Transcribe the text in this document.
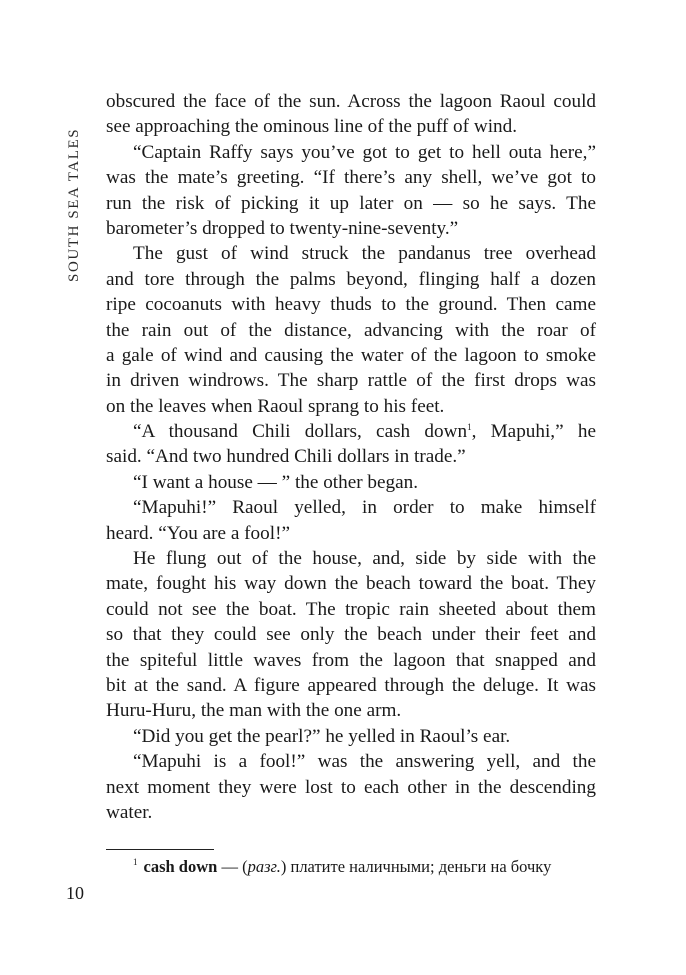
SOUTH SEA TALES
obscured the face of the sun. Across the lagoon Raoul could
see approaching the ominous line of the puff of wind.
“Captain Raffy says you’ve got to get to hell outa here,”
was the mate’s greeting. “If there’s any shell, we’ve got to
run the risk of picking it up later on — so he says. The
barometer’s dropped to twenty-nine-seventy.”
The gust of wind struck the pandanus tree overhead
and tore through the palms beyond, flinging half a dozen
ripe cocoanuts with heavy thuds to the ground. Then came
the rain out of the distance, advancing with the roar of
a gale of wind and causing the water of the lagoon to smoke
in driven windrows. The sharp rattle of the first drops was
on the leaves when Raoul sprang to his feet.
“A thousand Chili dollars, cash down$^1$, Mapuhi,” he
said. “And two hundred Chili dollars in trade.”
“I want a house — ” the other began.
“Mapuhi!” Raoul yelled, in order to make himself
heard. “You are a fool!”
He flung out of the house, and, side by side with the
mate, fought his way down the beach toward the boat. They
could not see the boat. The tropic rain sheeted about them
so that they could see only the beach under their feet and
the spiteful little waves from the lagoon that snapped and
bit at the sand. A figure appeared through the deluge. It was
Huru-Huru, the man with the one arm.
“Did you get the pearl?” he yelled in Raoul’s ear.
“Mapuhi is a fool!” was the answering yell, and the
next moment they were lost to each other in the descending
water.
$^1$ cash down — (разг.) платите наличными; деньги на бочку
10
